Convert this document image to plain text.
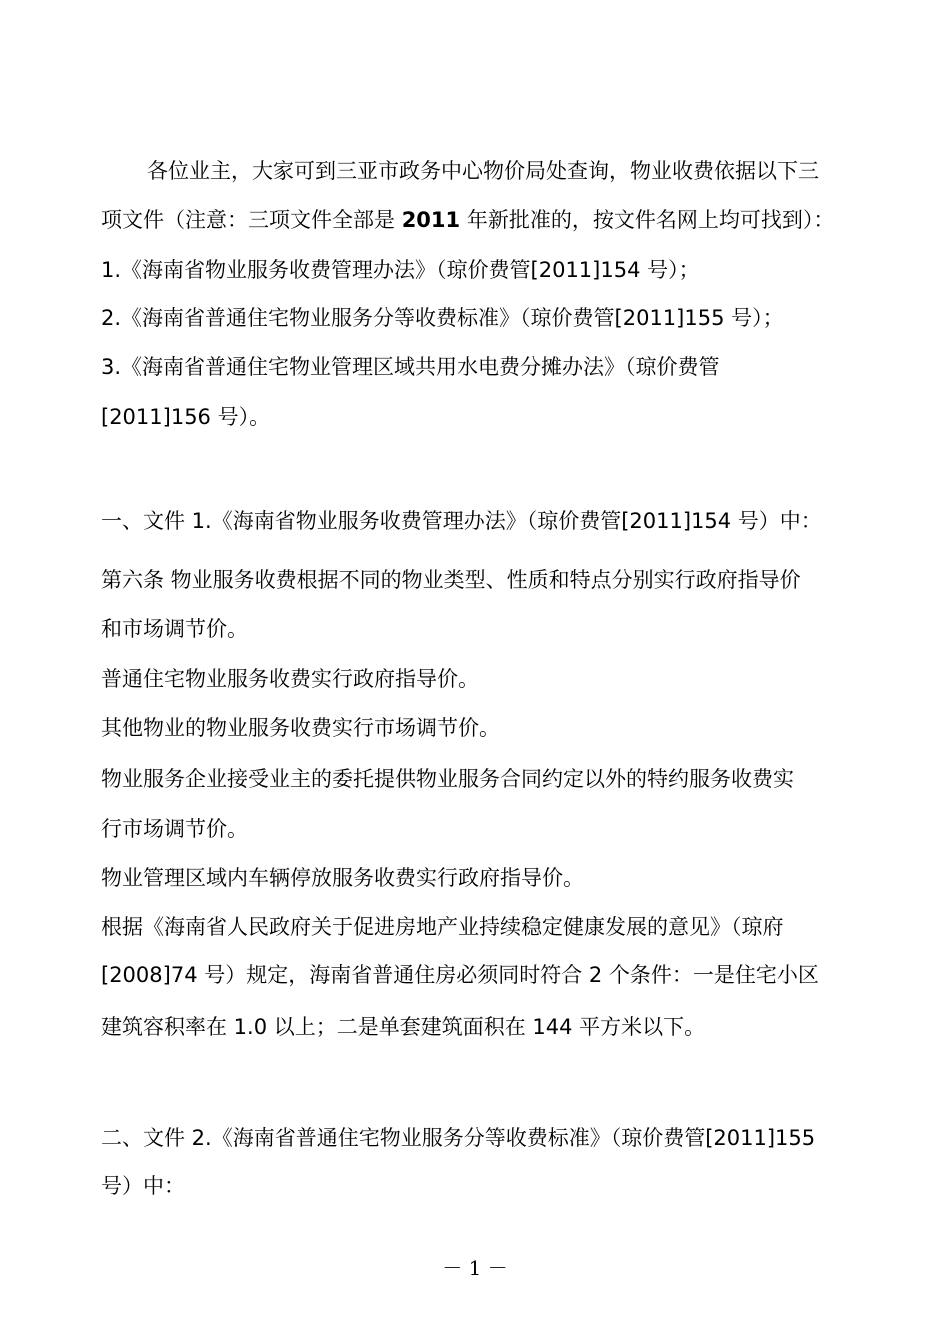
各位业主，大家可到三亚市政务中心物价局处查询，物业收费依据以下三
项文件（注意：三项文件全部是 2011 年新批准的，按文件名网上均可找到）：
1.《海南省物业服务收费管理办法》（琼价费管[2011]154 号）；
2.《海南省普通住宅物业服务分等收费标准》（琼价费管[2011]155 号）；
3.《海南省普通住宅物业管理区域共用水电费分摊办法》（琼价费管
[2011]156 号）。
一、文件 1.《海南省物业服务收费管理办法》（琼价费管[2011]154 号）中：
第六条 物业服务收费根据不同的物业类型、性质和特点分别实行政府指导价
和市场调节价。
普通住宅物业服务收费实行政府指导价。
其他物业的物业服务收费实行市场调节价。
物业服务企业接受业主的委托提供物业服务合同约定以外的特约服务收费实
行市场调节价。
物业管理区域内车辆停放服务收费实行政府指导价。
根据《海南省人民政府关于促进房地产业持续稳定健康发展的意见》（琼府
[2008]74 号）规定，海南省普通住房必须同时符合 2 个条件：一是住宅小区
建筑容积率在 1.0 以上；二是单套建筑面积在 144 平方米以下。
二、文件 2.《海南省普通住宅物业服务分等收费标准》（琼价费管[2011]155
号）中：
－ 1 －
